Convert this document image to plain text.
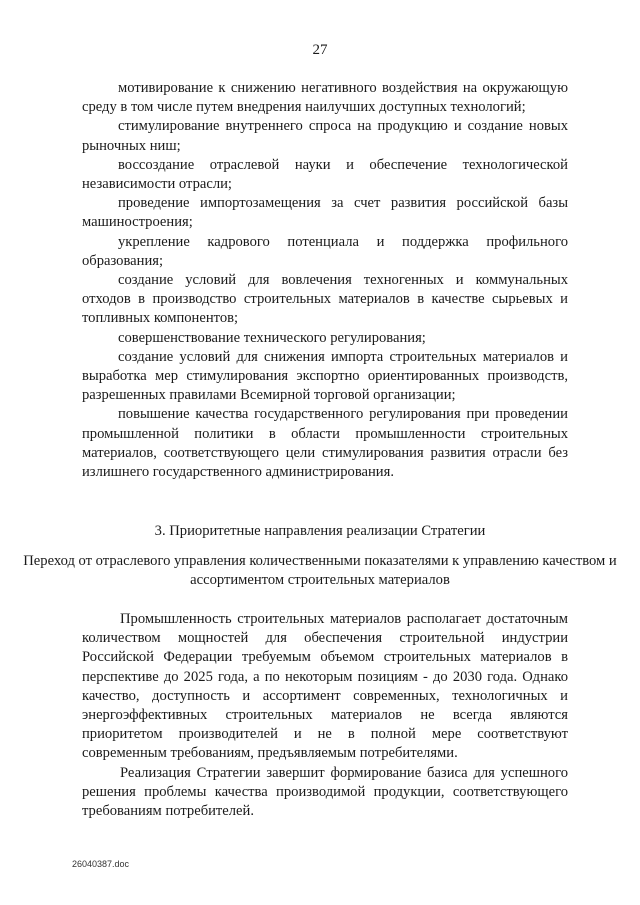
27

мотивирование к снижению негативного воздействия на окружающую среду в том числе путем внедрения наилучших доступных технологий;

стимулирование внутреннего спроса на продукцию и создание новых рыночных ниш;

воссоздание отраслевой науки и обеспечение технологической независимости отрасли;

проведение импортозамещения за счет развития российской базы машиностроения;

укрепление кадрового потенциала и поддержка профильного образования;

создание условий для вовлечения техногенных и коммунальных отходов в производство строительных материалов в качестве сырьевых и топливных компонентов;

совершенствование технического регулирования;

создание условий для снижения импорта строительных материалов и выработка мер стимулирования экспортно ориентированных производств, разрешенных правилами Всемирной торговой организации;

повышение качества государственного регулирования при проведении промышленной политики в области промышленности строительных материалов, соответствующего цели стимулирования развития отрасли без излишнего государственного администрирования.

3. Приоритетные направления реализации Стратегии

Переход от отраслевого управления количественными показателями к управлению качеством и ассортиментом строительных материалов

Промышленность строительных материалов располагает достаточным количеством мощностей для обеспечения строительной индустрии Российской Федерации требуемым объемом строительных материалов в перспективе до 2025 года, а по некоторым позициям - до 2030 года. Однако качество, доступность и ассортимент современных, технологичных и энергоэффективных строительных материалов не всегда являются приоритетом производителей и не в полной мере соответствуют современным требованиям, предъявляемым потребителями.

Реализация Стратегии завершит формирование базиса для успешного решения проблемы качества производимой продукции, соответствующего требованиям потребителей.

26040387.doc
